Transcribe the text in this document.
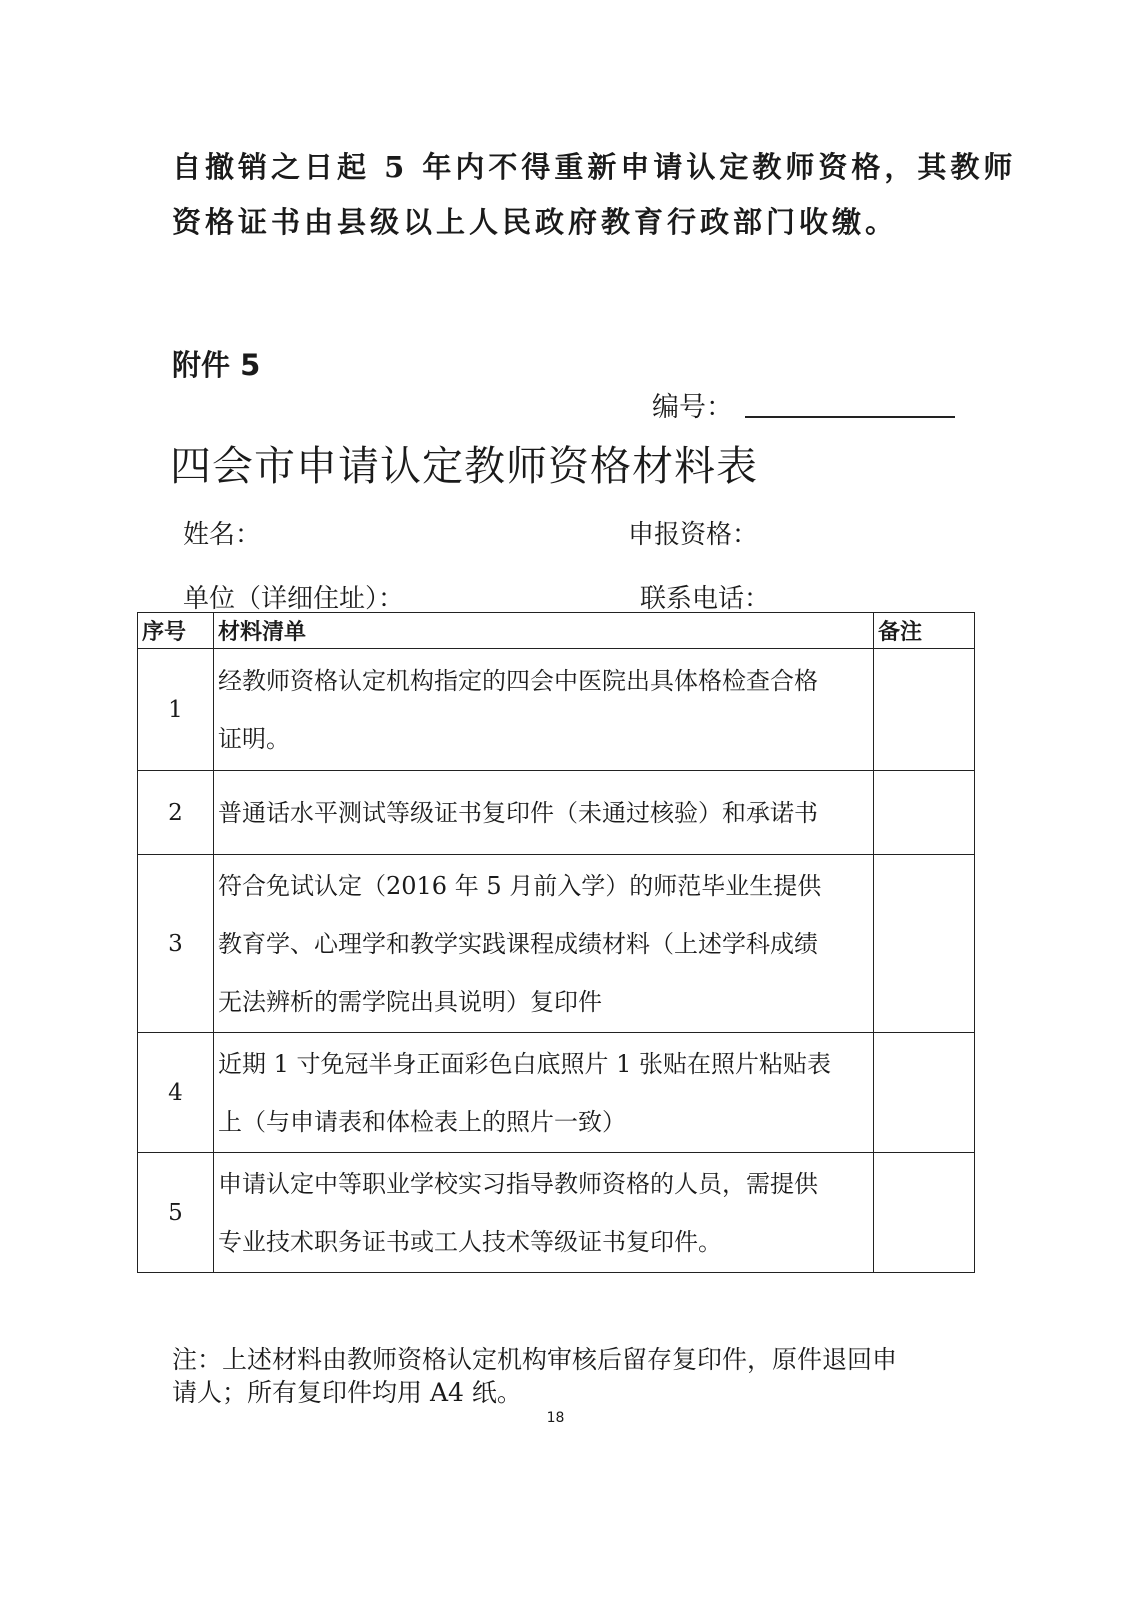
自撤销之日起 5 年内不得重新申请认定教师资格，其教师

资格证书由县级以上人民政府教育行政部门收缴。

附件 5
编号：
四会市申请认定教师资格材料表
姓名：	申报资格：
单位（详细住址）：	联系电话：
序号	材料清单	备注
1	经教师资格认定机构指定的四会中医院出具体格检查合格
证明。	

2	普通话水平测试等级证书复印件（未通过核验）和承诺书	

3	符合免试认定（2016 年 5 月前入学）的师范毕业生提供
教育学、心理学和教学实践课程成绩材料（上述学科成绩
无法辨析的需学院出具说明）复印件	

4	近期 1 寸免冠半身正面彩色白底照片 1 张贴在照片粘贴表
上（与申请表和体检表上的照片一致）	

5	申请认定中等职业学校实习指导教师资格的人员，需提供
专业技术职务证书或工人技术等级证书复印件。	

注：上述材料由教师资格认定机构审核后留存复印件，原件退回申

请人；所有复印件均用 A4 纸。

18
